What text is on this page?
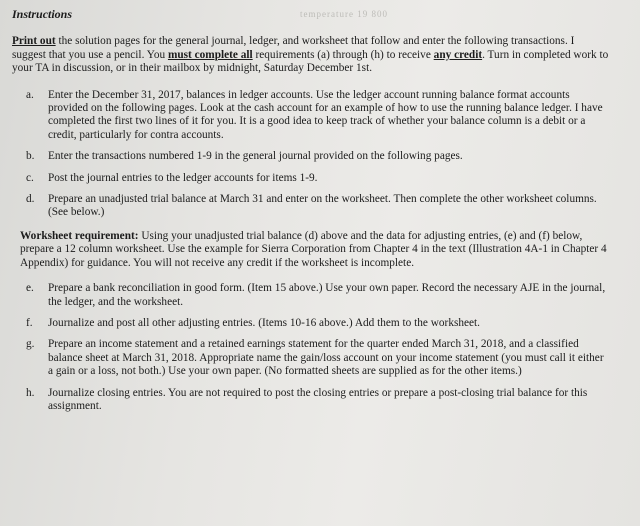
temperature 19 800
Instructions

Print out the solution pages for the general journal, ledger, and worksheet that follow and enter the following transactions. I suggest that you use a pencil. You must complete all requirements (a) through (h) to receive any credit. Turn in completed work to your TA in discussion, or in their mailbox by midnight, Saturday December 1st.

a. Enter the December 31, 2017, balances in ledger accounts. Use the ledger account running balance format accounts provided on the following pages. Look at the cash account for an example of how to use the running balance ledger. I have completed the first two lines of it for you. It is a good idea to keep track of whether your balance column is a debit or a credit, particularly for contra accounts.
b. Enter the transactions numbered 1-9 in the general journal provided on the following pages.
c. Post the journal entries to the ledger accounts for items 1-9.
d. Prepare an unadjusted trial balance at March 31 and enter on the worksheet. Then complete the other worksheet columns. (See below.)

Worksheet requirement: Using your unadjusted trial balance (d) above and the data for adjusting entries, (e) and (f) below, prepare a 12 column worksheet. Use the example for Sierra Corporation from Chapter 4 in the text (Illustration 4A-1 in Chapter 4 Appendix) for guidance. You will not receive any credit if the worksheet is incomplete.

e. Prepare a bank reconciliation in good form. (Item 15 above.) Use your own paper. Record the necessary AJE in the journal, the ledger, and the worksheet.
f. Journalize and post all other adjusting entries. (Items 10-16 above.) Add them to the worksheet.
g. Prepare an income statement and a retained earnings statement for the quarter ended March 31, 2018, and a classified balance sheet at March 31, 2018. Appropriate name the gain/loss account on your income statement (you must call it either a gain or a loss, not both.) Use your own paper. (No formatted sheets are supplied as for the other items.)
h. Journalize closing entries. You are not required to post the closing entries or prepare a post-closing trial balance for this assignment.
